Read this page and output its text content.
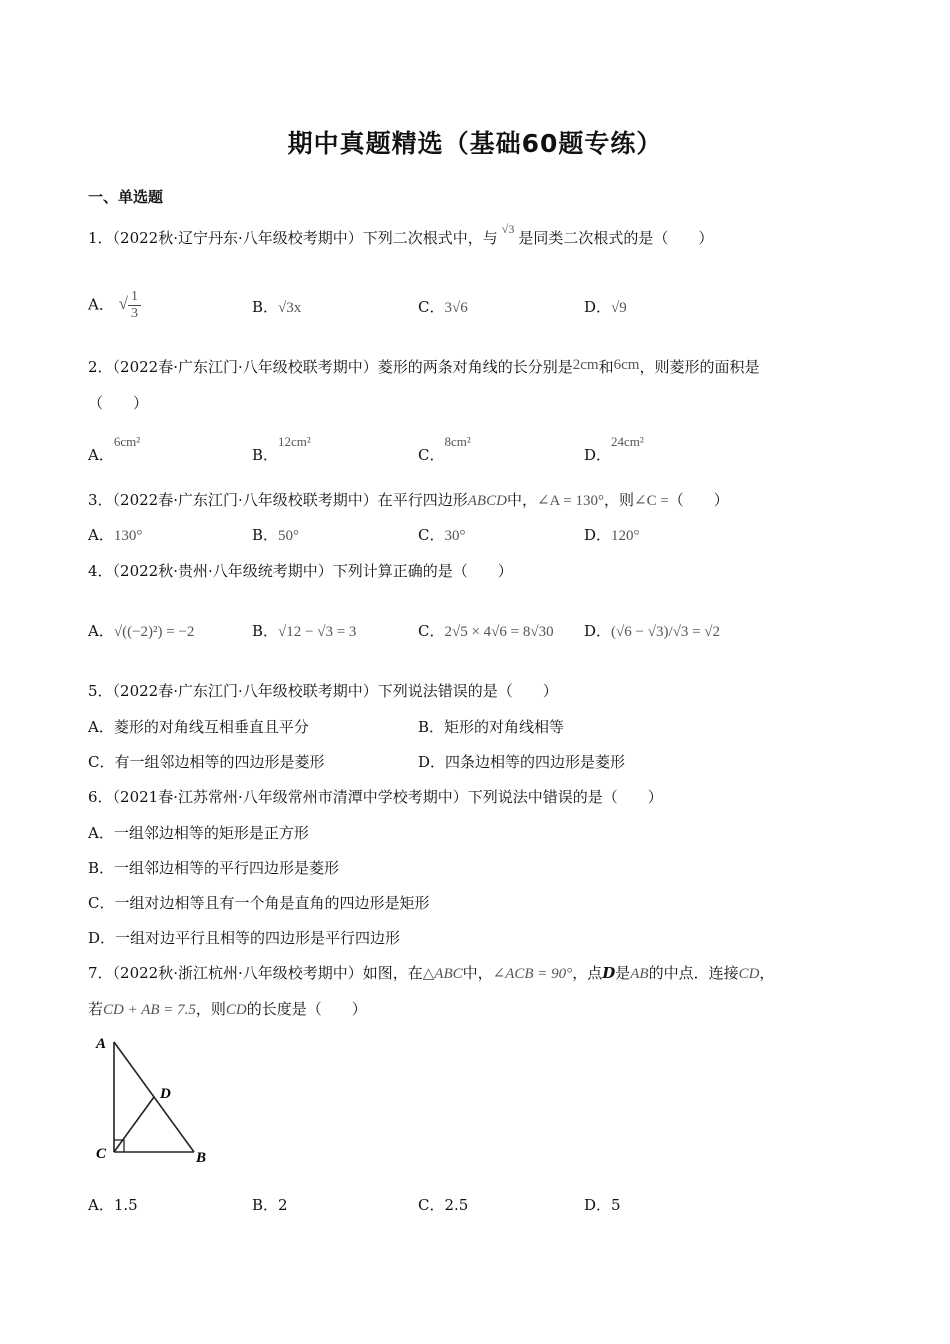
期中真题精选（基础60题专练）
一、单选题
1．（2022秋·辽宁丹东·八年级校考期中）下列二次根式中，与 $^{√3}$ 是同类二次根式的是（　　）
A． √ $\frac{1}{3}$	B．√3x	C．3√6	D．√9
2．（2022春·广东江门·八年级校联考期中）菱形的两条对角线的长分别是2cm和6cm，则菱形的面积是
（　　）
A．6cm²
B．12cm²
C．8cm²
D．24cm²
3．（2022春·广东江门·八年级校联考期中）在平行四边形ABCD中，∠A = 130°，则∠C =（　　）
A．130°	B．50°	C．30°	D．120°
4．（2022秋·贵州·八年级统考期中）下列计算正确的是（　　）
A．√((−2)²) = −2	B．√12 − √3 = 3	C．2√5 × 4√6 = 8√30 D．(√6 − √3)/√3 = √2
5．（2022春·广东江门·八年级校联考期中）下列说法错误的是（　　）
A．菱形的对角线互相垂直且平分	B．矩形的对角线相等
C．有一组邻边相等的四边形是菱形	D．四条边相等的四边形是菱形
6．（2021春·江苏常州·八年级常州市清潭中学校考期中）下列说法中错误的是（　　）
A．一组邻边相等的矩形是正方形
B．一组邻边相等的平行四边形是菱形
C．一组对边相等且有一个角是直角的四边形是矩形
D．一组对边平行且相等的四边形是平行四边形
7．（2022秋·浙江杭州·八年级校考期中）如图，在△ABC中，∠ACB = 90°，点D是AB的中点．连接CD，
若CD + AB = 7.5，则CD的长度是（　　）
A
C	B
D
A．1.5	B．2	C．2.5	D．5
